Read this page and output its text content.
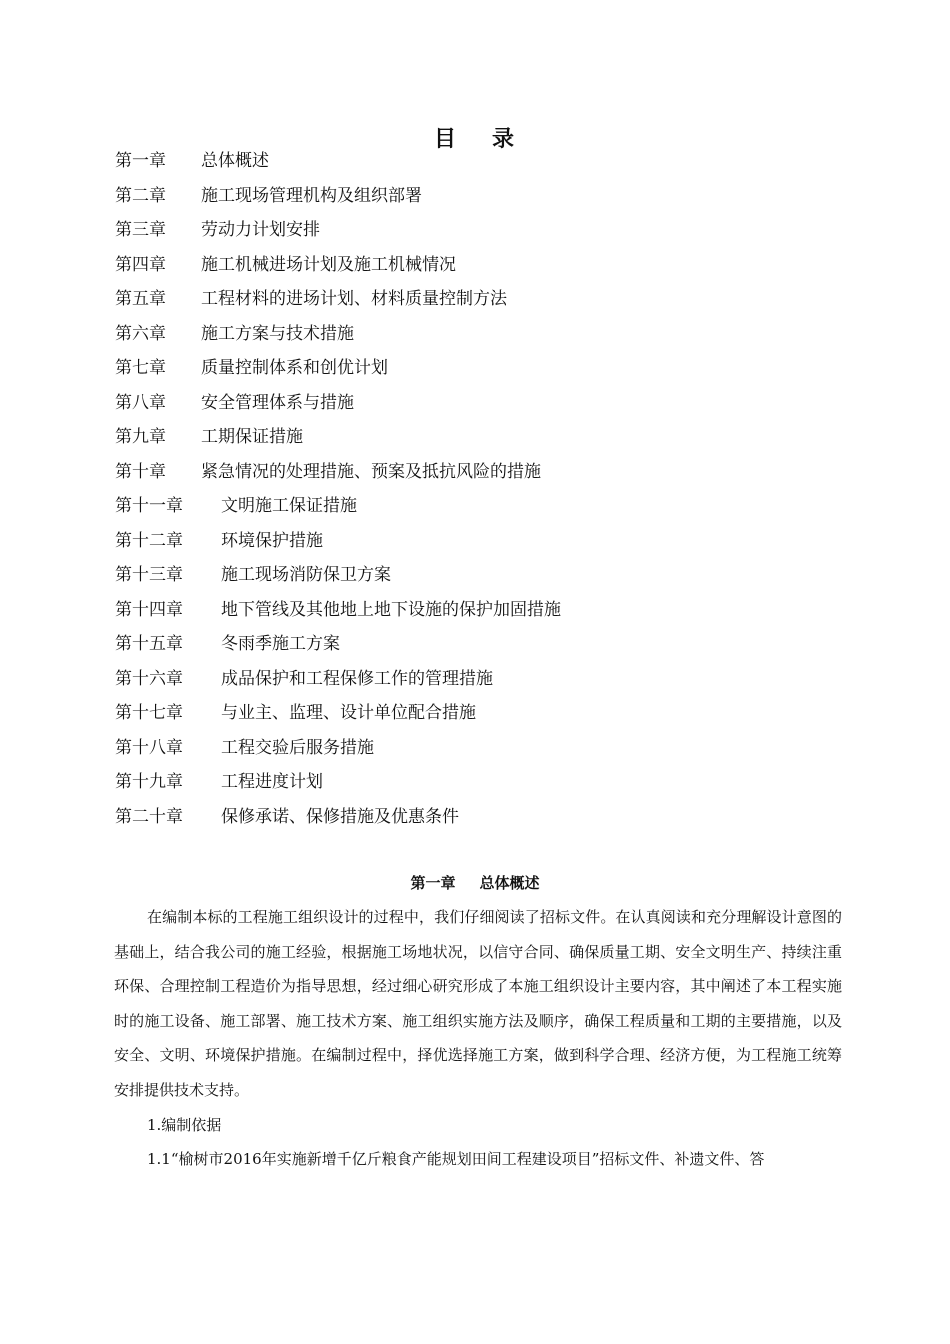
目 录
第一章 总体概述
第二章 施工现场管理机构及组织部署
第三章 劳动力计划安排
第四章 施工机械进场计划及施工机械情况
第五章 工程材料的进场计划、材料质量控制方法
第六章 施工方案与技术措施
第七章 质量控制体系和创优计划
第八章 安全管理体系与措施
第九章 工期保证措施
第十章 紧急情况的处理措施、预案及抵抗风险的措施
第十一章 文明施工保证措施
第十二章 环境保护措施
第十三章 施工现场消防保卫方案
第十四章 地下管线及其他地上地下设施的保护加固措施
第十五章 冬雨季施工方案
第十六章 成品保护和工程保修工作的管理措施
第十七章 与业主、监理、设计单位配合措施
第十八章 工程交验后服务措施
第十九章 工程进度计划
第二十章 保修承诺、保修措施及优惠条件
第一章 总体概述

在编制本标的工程施工组织设计的过程中，我们仔细阅读了招标文件。在认真阅读和充分理解设计意图的基础上，结合我公司的施工经验，根据施工场地状况，以信守合同、确保质量工期、安全文明生产、持续注重环保、合理控制工程造价为指导思想，经过细心研究形成了本施工组织设计主要内容，其中阐述了本工程实施时的施工设备、施工部署、施工技术方案、施工组织实施方法及顺序，确保工程质量和工期的主要措施，以及安全、文明、环境保护措施。在编制过程中，择优选择施工方案，做到科学合理、经济方便，为工程施工统筹安排提供技术支持。

1.编制依据

1.1“榆树市2016年实施新增千亿斤粮食产能规划田间工程建设项目”招标文件、补遗文件、答
